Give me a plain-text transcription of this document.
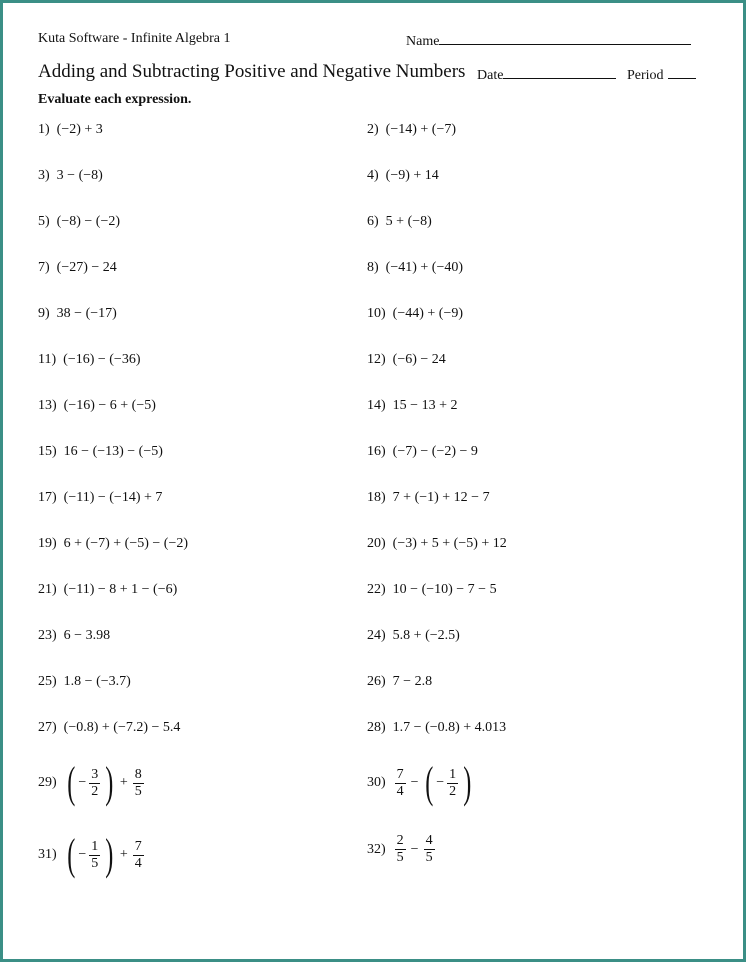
Kuta Software - Infinite Algebra 1	Name
Adding and Subtracting Positive and Negative Numbers Date	Period
Evaluate each expression.
1) (−2) + 3	2) (−14) + (−7)
3) 3 − (−8)	4) (−9) + 14
5) (−8) − (−2)	6) 5 + (−8)
7) (−27) − 24	8) (−41) + (−40)
9) 38 − (−17)	10) (−44) + (−9)
11) (−16) − (−36)	12) (−6) − 24
13) (−16) − 6 + (−5)	14) 15 − 13 + 2
15) 16 − (−13) − (−5)	16) (−7) − (−2) − 9
17) (−11) − (−14) + 7	18) 7 + (−1) + 12 − 7
19) 6 + (−7) + (−5) − (−2)	20) (−3) + 5 + (−5) + 12
21) (−11) − 8 + 1 − (−6)	22) 10 − (−10) − 7 − 5
23) 6 − 3.98	24) 5.8 + (−2.5)
25) 1.8 − (−3.7)	26) 7 − 2.8
27) (−0.8) + (−7.2) − 5.4	28) 1.7 − (−0.8) + 4.013
29) ( − $\frac{3}{2}$ ) + $\frac{8}{5}$	$30) \frac{7}{4}$ − ( − $\frac{1}{2}$ )
31) ( − $\frac{1}{5}$ ) + $\frac{7}{4}$	$32) \frac{2}{5} - \frac{4}{5}$
